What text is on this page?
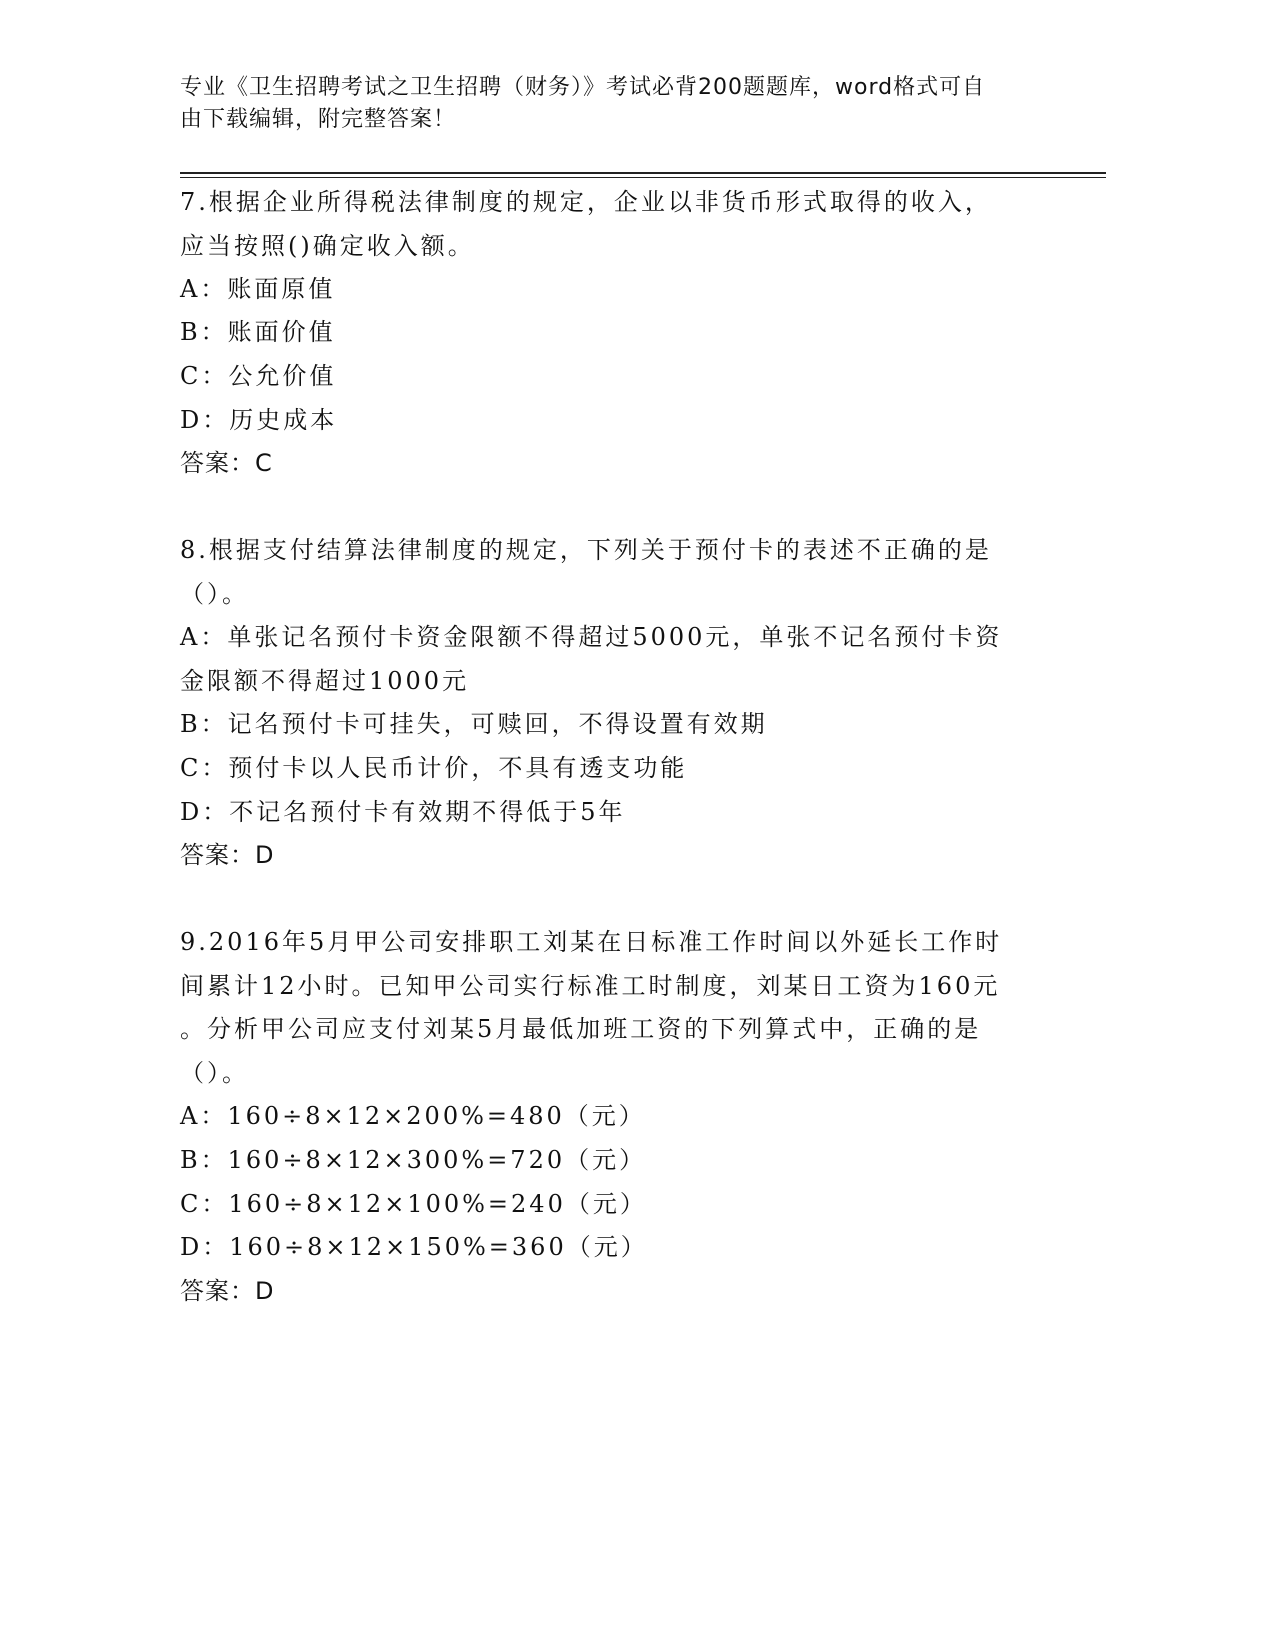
专业《卫生招聘考试之卫生招聘（财务）》考试必背200题题库，word格式可自
由下载编辑，附完整答案！
7.根据企业所得税法律制度的规定，企业以非货币形式取得的收入，
应当按照()确定收入额。
A：账面原值
B：账面价值
C：公允价值
D：历史成本
答案：C
8.根据支付结算法律制度的规定，下列关于预付卡的表述不正确的是
（）。
A：单张记名预付卡资金限额不得超过5000元，单张不记名预付卡资
金限额不得超过1000元
B：记名预付卡可挂失，可赎回，不得设置有效期
C：预付卡以人民币计价，不具有透支功能
D：不记名预付卡有效期不得低于5年
答案：D
9.2016年5月甲公司安排职工刘某在日标准工作时间以外延长工作时
间累计12小时。已知甲公司实行标准工时制度，刘某日工资为160元
。分析甲公司应支付刘某5月最低加班工资的下列算式中，正确的是
（）。
A：160÷8×12×200%=480（元）
B：160÷8×12×300%=720（元）
C：160÷8×12×100%=240（元）
D：160÷8×12×150%=360（元）
答案：D
